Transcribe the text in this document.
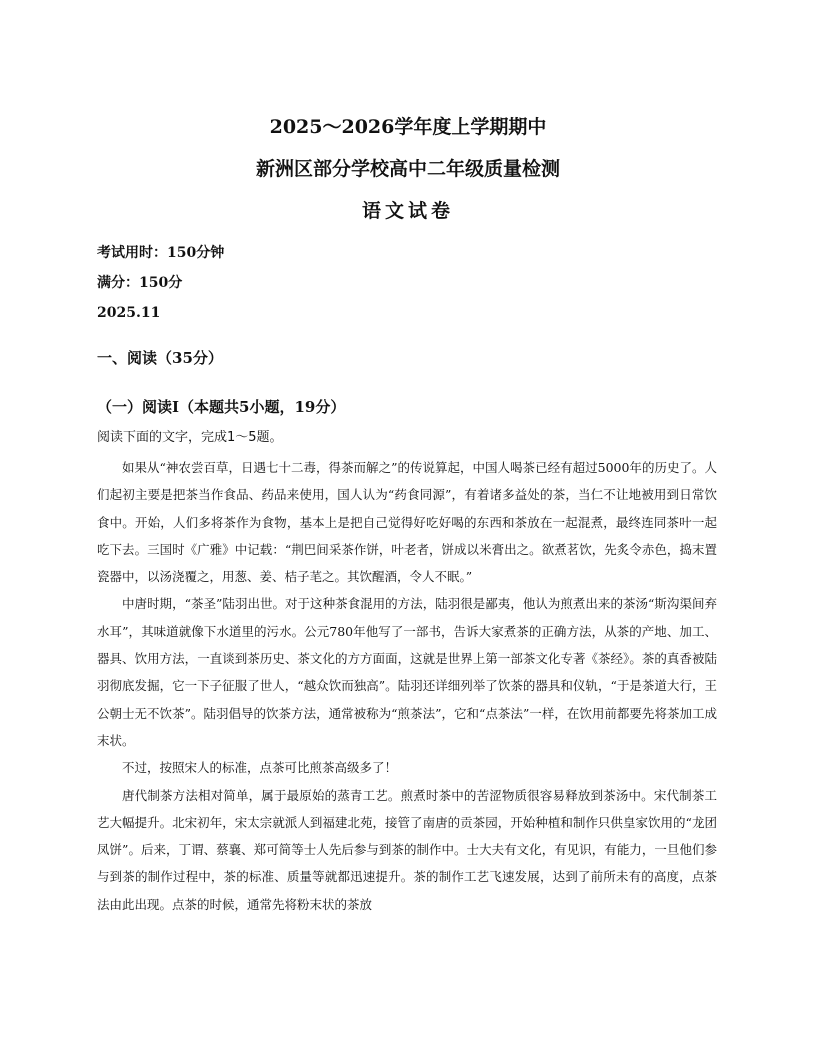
2025～2026学年度上学期期中
新洲区部分学校高中二年级质量检测
语文试卷
考试用时：150分钟
满分：150分
2025.11
一、阅读（35分）
（一）阅读Ⅰ（本题共5小题，19分）
阅读下面的文字，完成1～5题。

如果从“神农尝百草，日遇七十二毒，得茶而解之”的传说算起，中国人喝茶已经有超过5000年的历史了。人们起初主要是把茶当作食品、药品来使用，国人认为“药食同源”，有着诸多益处的茶，当仁不让地被用到日常饮食中。开始，人们多将茶作为食物，基本上是把自己觉得好吃好喝的东西和茶放在一起混煮，最终连同茶叶一起吃下去。三国时《广雅》中记载：“荆巴间采茶作饼，叶老者，饼成以米膏出之。欲煮茗饮，先炙令赤色，捣末置瓷器中，以汤浇覆之，用葱、姜、桔子芼之。其饮醒酒，令人不眠。”

中唐时期，“茶圣”陆羽出世。对于这种茶食混用的方法，陆羽很是鄙夷，他认为煎煮出来的茶汤“斯沟渠间弃水耳”，其味道就像下水道里的污水。公元780年他写了一部书，告诉大家煮茶的正确方法，从茶的产地、加工、器具、饮用方法，一直谈到茶历史、茶文化的方方面面，这就是世界上第一部茶文化专著《茶经》。茶的真香被陆羽彻底发掘，它一下子征服了世人，“越众饮而独高”。陆羽还详细列举了饮茶的器具和仪轨，“于是茶道大行，王公朝士无不饮茶”。陆羽倡导的饮茶方法，通常被称为“煎茶法”，它和“点茶法”一样，在饮用前都要先将茶加工成末状。

不过，按照宋人的标准，点茶可比煎茶高级多了！

唐代制茶方法相对简单，属于最原始的蒸青工艺。煎煮时茶中的苦涩物质很容易释放到茶汤中。宋代制茶工艺大幅提升。北宋初年，宋太宗就派人到福建北苑，接管了南唐的贡茶园，开始种植和制作只供皇家饮用的“龙团凤饼”。后来，丁谓、蔡襄、郑可简等士人先后参与到茶的制作中。士大夫有文化，有见识，有能力，一旦他们参与到茶的制作过程中，茶的标准、质量等就都迅速提升。茶的制作工艺飞速发展，达到了前所未有的高度，点茶法由此出现。点茶的时候，通常先将粉末状的茶放
